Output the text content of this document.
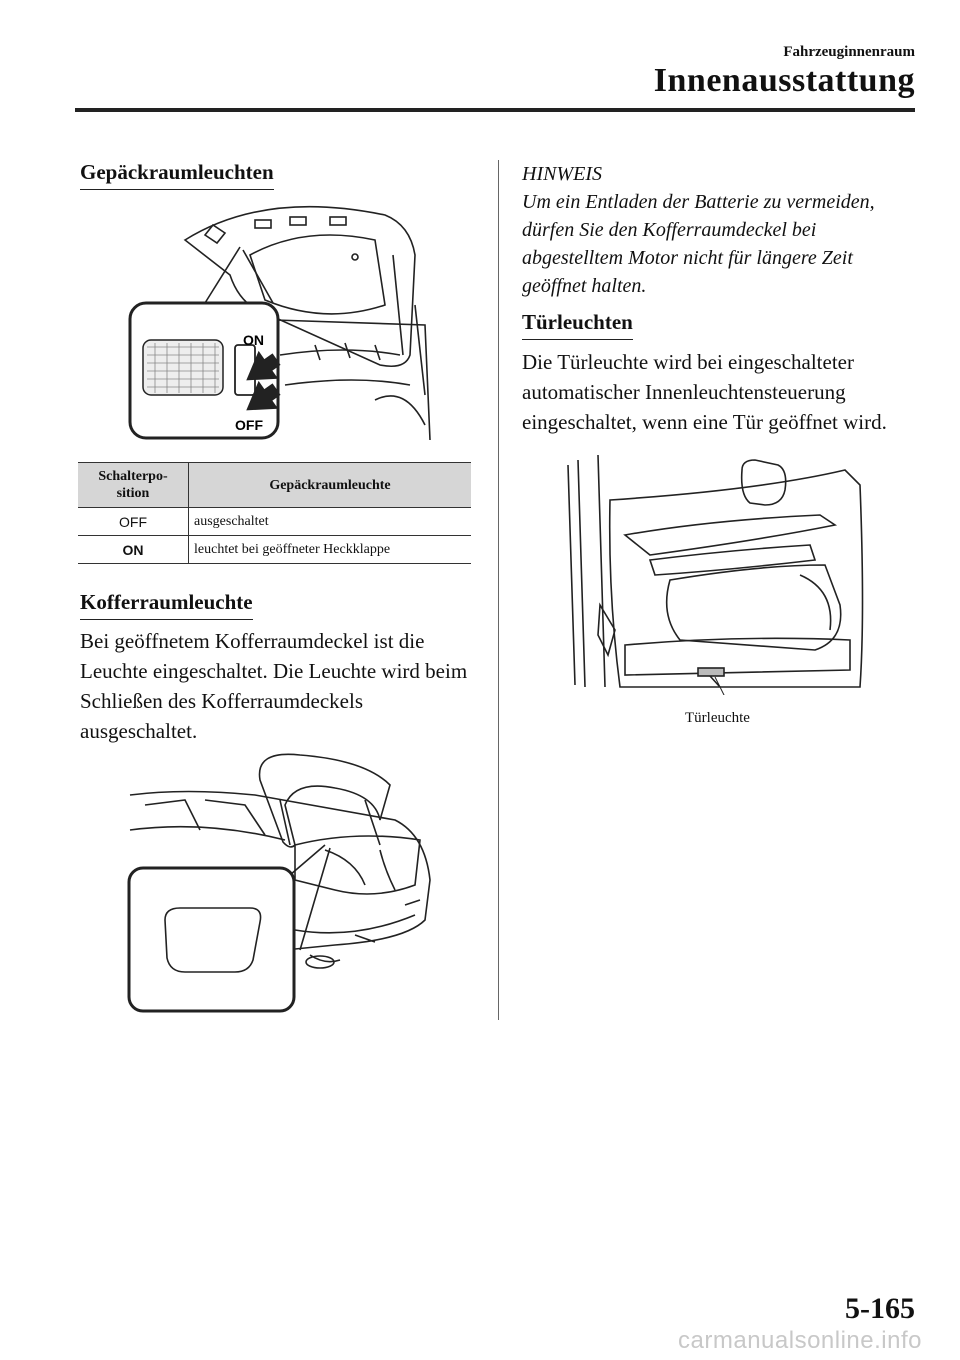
Fahrzeuginnenraum
Innenausstattung
Gepäckraumleuchten
ON
OFF
Schalterpo-
sition	Gepäckraumleuchte
OFF	ausgeschaltet
ON	leuchtet bei geöffneter Heckklappe
Kofferraumleuchte
Bei geöffnetem Kofferraumdeckel ist die Leuchte eingeschaltet. Die Leuchte wird beim Schließen des Kofferraumdeckels ausgeschaltet.

HINWEIS

Um ein Entladen der Batterie zu vermeiden, dürfen Sie den Kofferraumdeckel bei abgestelltem Motor nicht für längere Zeit geöffnet halten.

Türleuchten
Die Türleuchte wird bei eingeschalteter automatischer Innenleuchtensteuerung eingeschaltet, wenn eine Tür geöffnet wird.
Türleuchte
5-165
carmanualsonline.info
